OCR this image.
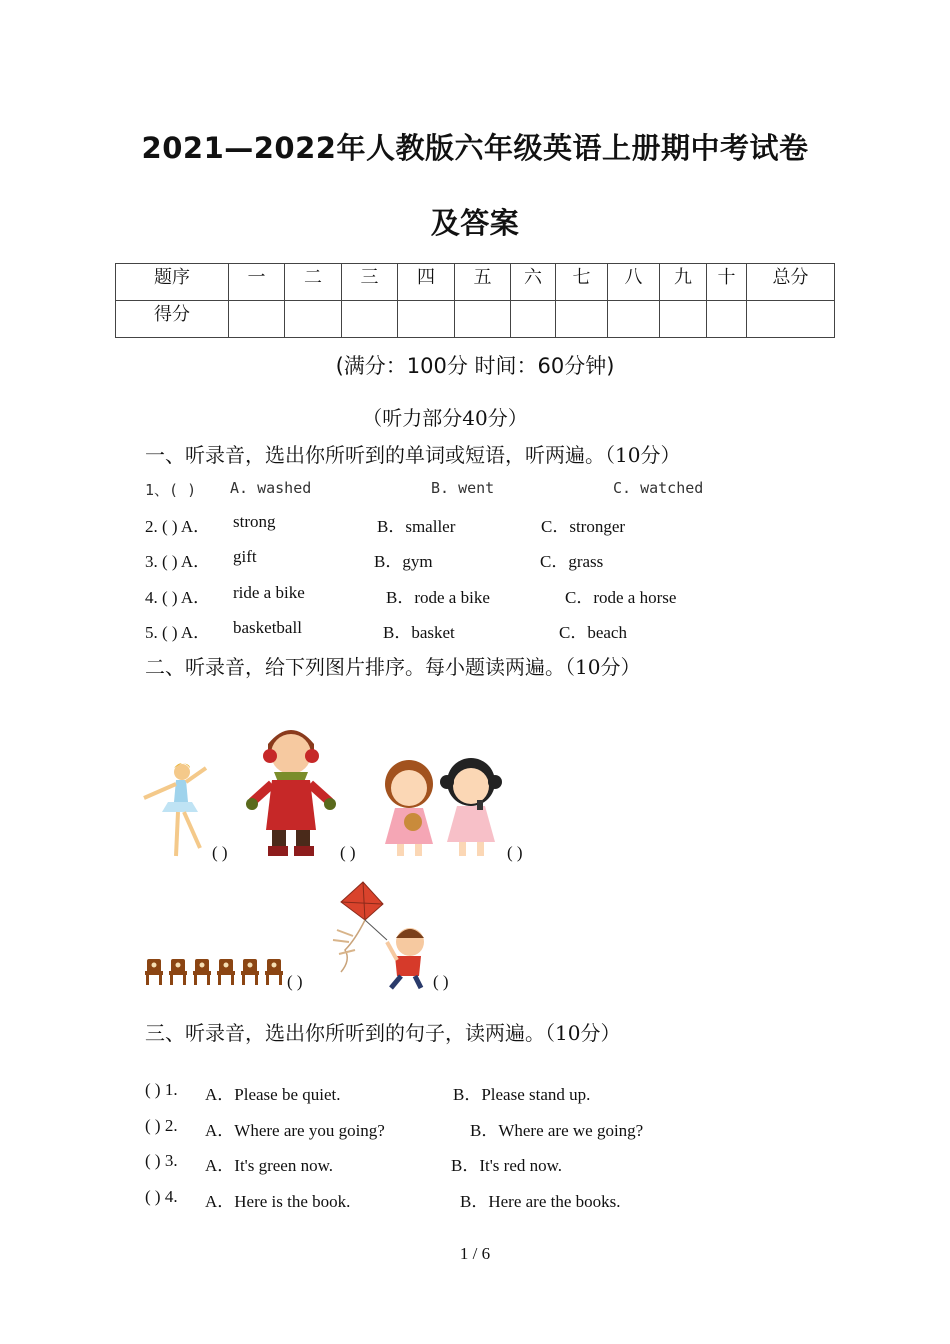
2021—2022年人教版六年级英语上册期中考试卷
及答案
题序	一	二	三	四	五	六	七	八	九	十	总分
得分											
(满分：100分 时间：60分钟)
（听力部分40分）
一、听录音，选出你所听到的单词或短语，听两遍。（10分）
1、( ) A. washed	B. went	C. watched
2. ( ) A． strong	B．smaller	C．stronger
3. ( ) A． gift	B．gym	C．grass
4. ( ) A． ride a bike	B．rode a bike	C．rode a horse
5. ( ) A． basketball	B．basket	C．beach
二、听录音，给下列图片排序。每小题读两遍。（10分）
( )	( )	( )
( )	( )
三、听录音，选出你所听到的句子，读两遍。（10分）
( ) 1. A．Please be quiet.	B．Please stand up.
( ) 2. A．Where are you going?	B．Where are we going?
( ) 3. A．It's green now.	B．It's red now.
( ) 4. A．Here is the book.	B．Here are the books.
1 / 6
